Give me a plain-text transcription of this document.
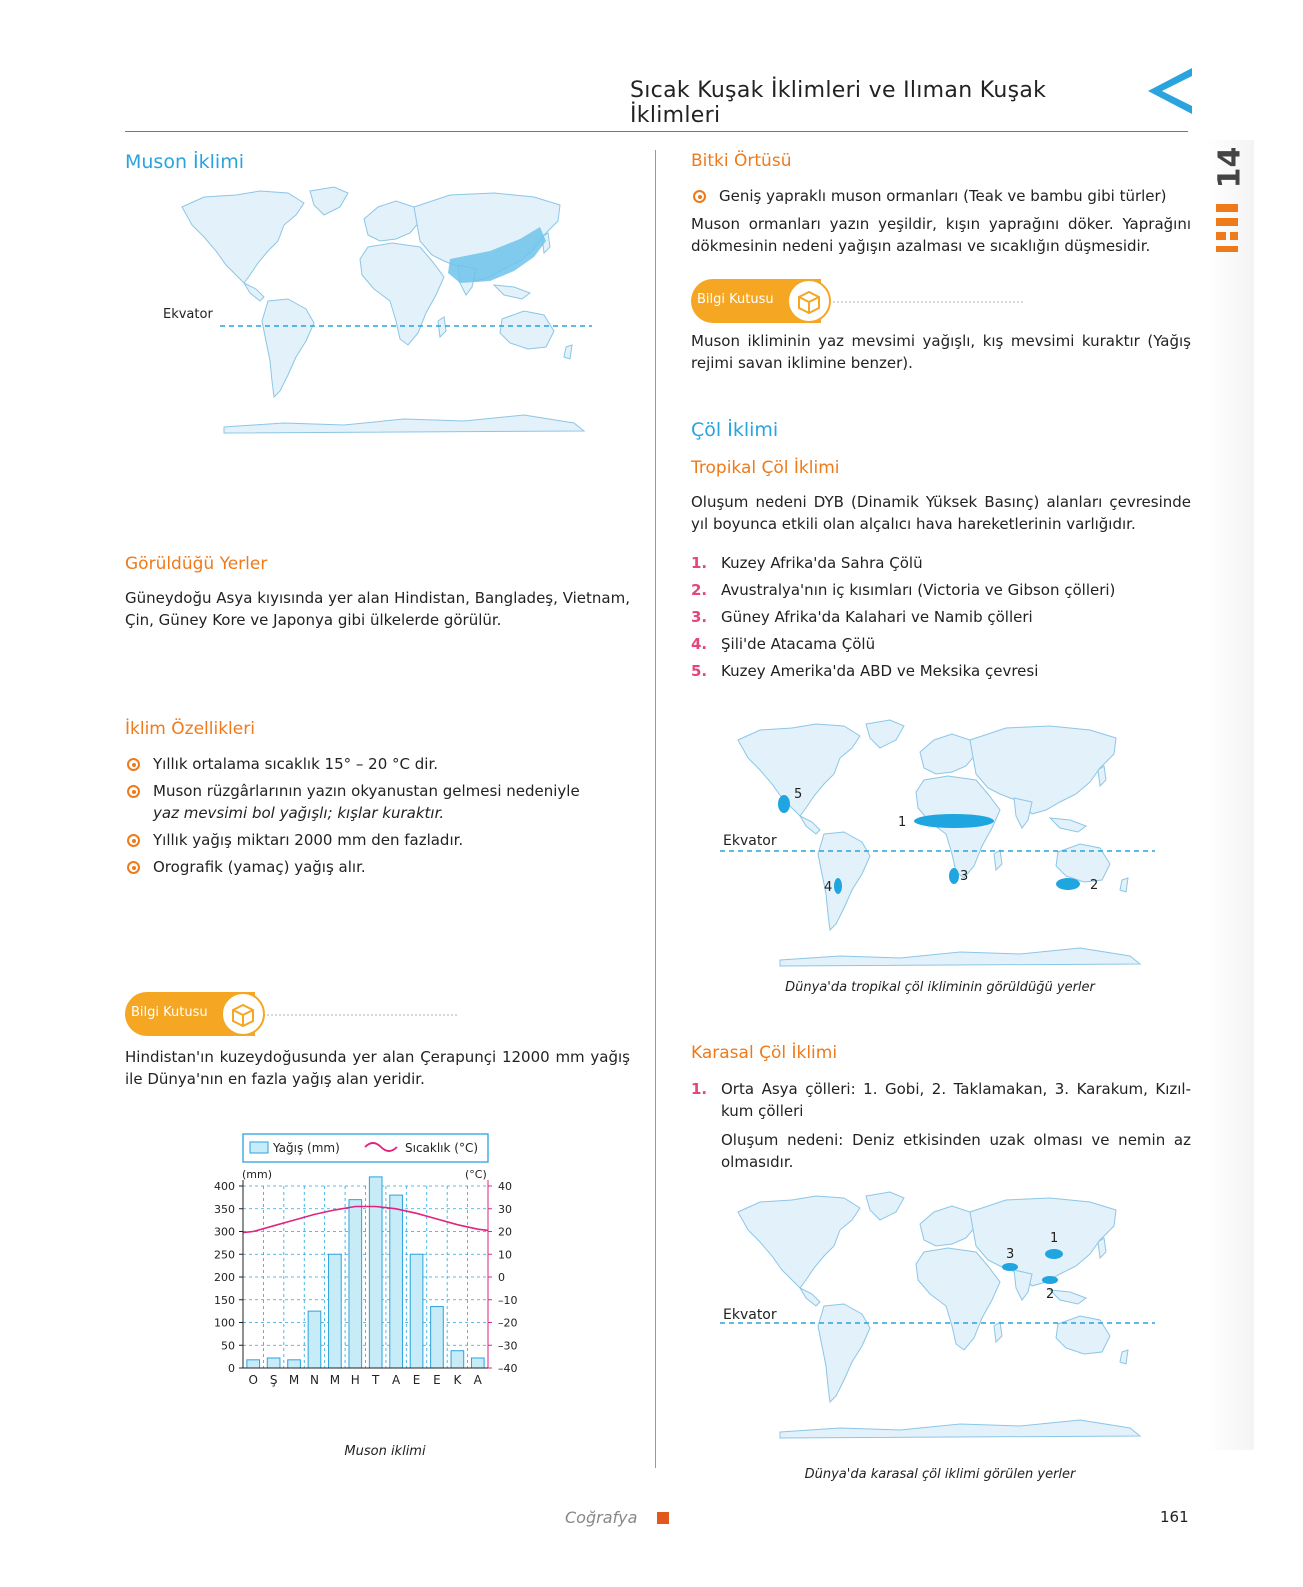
Sıcak Kuşak İklimleri ve Ilıman Kuşak İklimleri
14
Muson İklimi
Ekvator
Görüldüğü Yerler
Güneydoğu Asya kıyısında yer alan Hindistan, Bangladeş, Vietnam, Çin, Güney Kore ve Japonya gibi ülkelerde görülür.
İklim Özellikleri
Yıllık ortalama sıcaklık 15° – 20 °C dir.
Muson rüzgârlarının yazın okyanustan gelmesi nedeniyle
yaz mevsimi bol yağışlı; kışlar kuraktır.
Yıllık yağış miktarı 2000 mm den fazladır.
Orografik (yamaç) yağış alır.
Bilgi Kutusu
Hindistan'ın kuzeydoğusunda yer alan Çerapunçi 12000 mm yağış ile Dünya'nın en fazla yağış alan yeridir.
Yağış (mm)	Sıcaklık (°C)
(mm)	(°C)
0
50
100
150
200
250
300
350
400	40
30
20
10
0
–10
–20
–30
–40
O Ş M N M H T A E E K A
Muson iklimi
Bitki Örtüsü
Geniş yapraklı muson ormanları (Teak ve bambu gibi türler)
Muson ormanları yazın yeşildir, kışın yaprağını döker. Yaprağını dökmesinin nedeni yağışın azalması ve sıcaklığın düşmesidir.
Bilgi Kutusu
Muson ikliminin yaz mevsimi yağışlı, kış mevsimi kuraktır (Yağış rejimi savan iklimine benzer).
Çöl İklimi
Tropikal Çöl İklimi
Oluşum nedeni DYB (Dinamik Yüksek Basınç) alanları çevresinde yıl boyunca etkili olan alçalıcı hava hareketlerinin varlığıdır.
1. Kuzey Afrika'da Sahra Çölü
2. Avustralya'nın iç kısımları (Victoria ve Gibson çölleri)
3. Güney Afrika'da Kalahari ve Namib çölleri
4. Şili'de Atacama Çölü
5. Kuzey Amerika'da ABD ve Meksika çevresi
1
2
3
4
5
Ekvator
Dünya'da tropikal çöl ikliminin görüldüğü yerler
Karasal Çöl İklimi
1. Orta Asya çölleri: 1. Gobi, 2. Taklamakan, 3. Karakum, Kızılkum çölleri
Oluşum nedeni: Deniz etkisinden uzak olması ve nemin az olmasıdır.
1
2
3
Ekvator
Dünya'da karasal çöl iklimi görülen yerler
Coğrafya	161
